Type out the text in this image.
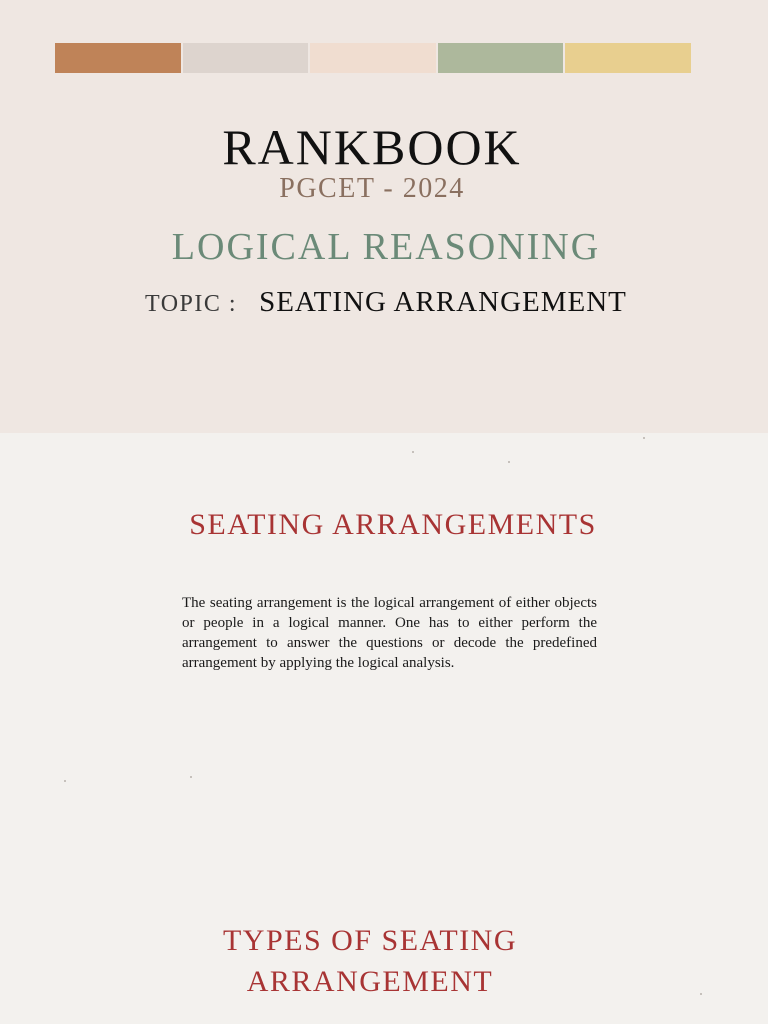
RANKBOOK
PGCET - 2024
LOGICAL REASONING
TOPIC : SEATING ARRANGEMENT
SEATING ARRANGEMENTS

The seating arrangement is the logical arrangement of either objects or people in a logical manner. One has to either perform the arrangement to answer the questions or decode the predefined arrangement by applying the logical analysis.

TYPES OF SEATING
ARRANGEMENT
